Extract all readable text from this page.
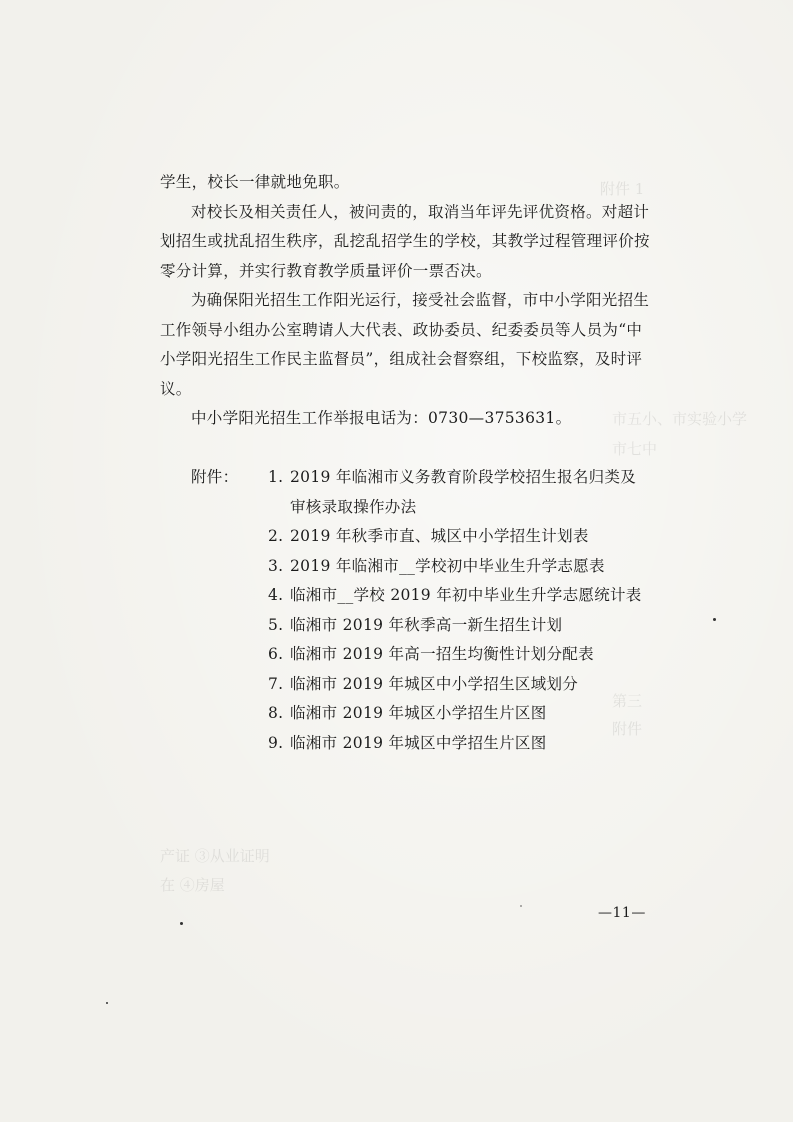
附件 1
市五小、市实验小学
市七中
第三
附件
产证 ③从业证明
在 ④房屋

学生，校长一律就地免职。

对校长及相关责任人，被问责的，取消当年评先评优资格。对超计划招生或扰乱招生秩序，乱挖乱招学生的学校，其教学过程管理评价按零分计算，并实行教育教学质量评价一票否决。

为确保阳光招生工作阳光运行，接受社会监督，市中小学阳光招生工作领导小组办公室聘请人大代表、政协委员、纪委委员等人员为“中小学阳光招生工作民主监督员”，组成社会督察组，下校监察，及时评议。

中小学阳光招生工作举报电话为：0730—3753631。

附件：	1. 2019 年临湘市义务教育阶段学校招生报名归类及
审核录取操作办法
2. 2019 年秋季市直、城区中小学招生计划表
3. 2019 年临湘市__学校初中毕业生升学志愿表
4. 临湘市__学校 2019 年初中毕业生升学志愿统计表
5. 临湘市 2019 年秋季高一新生招生计划
6. 临湘市 2019 年高一招生均衡性计划分配表
7. 临湘市 2019 年城区中小学招生区域划分
8. 临湘市 2019 年城区小学招生片区图
9. 临湘市 2019 年城区中学招生片区图
—11—
